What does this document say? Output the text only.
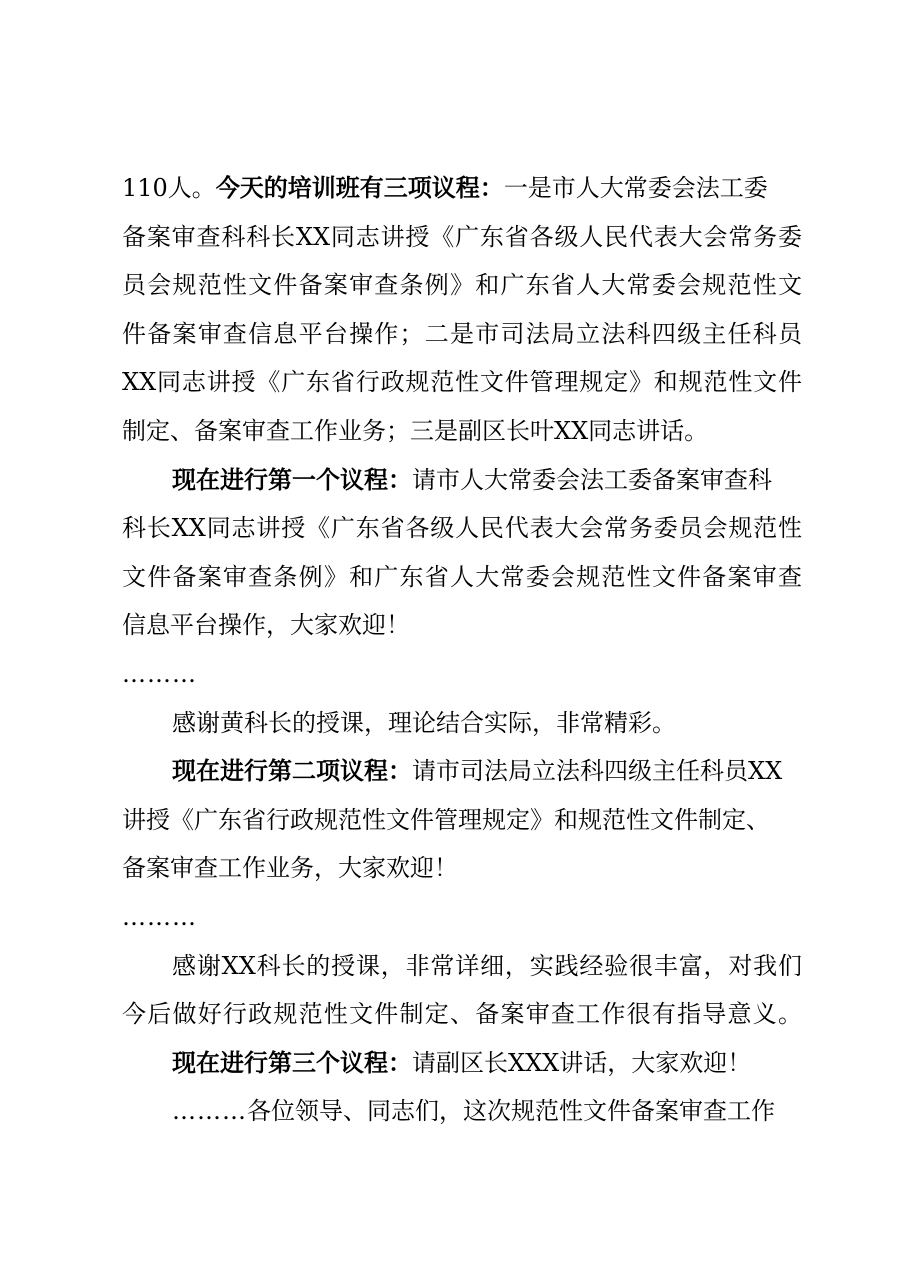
110人。今天的培训班有三项议程：一是市人大常委会法工委
备案审查科科长XX同志讲授《广东省各级人民代表大会常务委
员会规范性文件备案审查条例》和广东省人大常委会规范性文
件备案审查信息平台操作；二是市司法局立法科四级主任科员
XX同志讲授《广东省行政规范性文件管理规定》和规范性文件
制定、备案审查工作业务；三是副区长叶XX同志讲话。
现在进行第一个议程：请市人大常委会法工委备案审查科
科长XX同志讲授《广东省各级人民代表大会常务委员会规范性
文件备案审查条例》和广东省人大常委会规范性文件备案审查
信息平台操作，大家欢迎！
………
感谢黄科长的授课，理论结合实际，非常精彩。
现在进行第二项议程：请市司法局立法科四级主任科员XX
讲授《广东省行政规范性文件管理规定》和规范性文件制定、
备案审查工作业务，大家欢迎！
………
感谢XX科长的授课，非常详细，实践经验很丰富，对我们
今后做好行政规范性文件制定、备案审查工作很有指导意义。
现在进行第三个议程：请副区长XXX讲话，大家欢迎！
………各位领导、同志们，这次规范性文件备案审查工作
